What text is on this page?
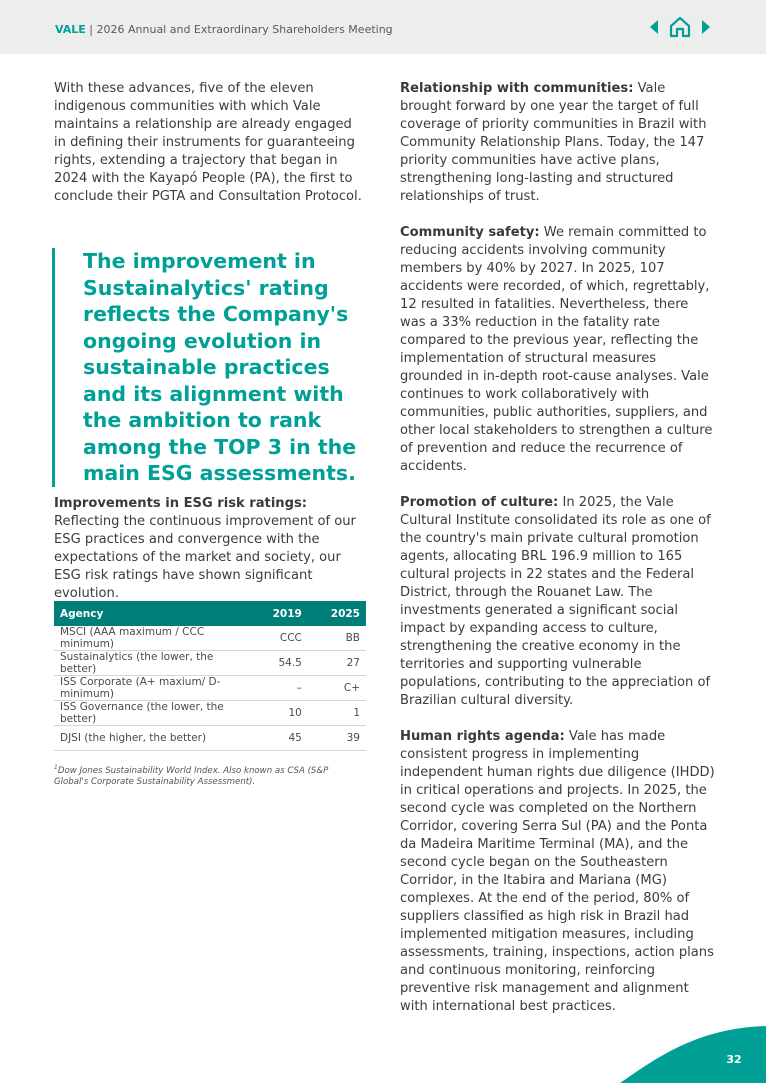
VALE | 2026 Annual and Extraordinary Shareholders Meeting

With these advances, five of the eleven indigenous communities with which Vale maintains a relationship are already engaged in defining their instruments for guaranteeing rights, extending a trajectory that began in 2024 with the Kayapó People (PA), the first to conclude their PGTA and Consultation Protocol.

The improvement in Sustainalytics' rating reflects the Company's ongoing evolution in sustainable practices and its alignment with the ambition to rank among the TOP 3 in the main ESG assessments.

Improvements in ESG risk ratings: Reflecting the continuous improvement of our ESG practices and convergence with the expectations of the market and society, our ESG risk ratings have shown significant evolution.

Agency	2019	2025
MSCI (AAA maximum / CCC minimum)	CCC	BB
Sustainalytics (the lower, the better)	54.5	27
ISS Corporate (A+ maxium/ D- minimum)	–	C+
ISS Governance (the lower, the better)	10	1
DJSI (the higher, the better)	45	39

$^1$Dow Jones Sustainability World Index. Also known as CSA (S&P Global's Corporate Sustainability Assessment).

Relationship with communities: Vale brought forward by one year the target of full coverage of priority communities in Brazil with Community Relationship Plans. Today, the 147 priority communities have active plans, strengthening long-lasting and structured relationships of trust.

Community safety: We remain committed to reducing accidents involving community members by 40% by 2027. In 2025, 107 accidents were recorded, of which, regrettably, 12 resulted in fatalities. Nevertheless, there was a 33% reduction in the fatality rate compared to the previous year, reflecting the implementation of structural measures grounded in in-depth root-cause analyses. Vale continues to work collaboratively with communities, public authorities, suppliers, and other local stakeholders to strengthen a culture of prevention and reduce the recurrence of accidents.

Promotion of culture: In 2025, the Vale Cultural Institute consolidated its role as one of the country's main private cultural promotion agents, allocating BRL 196.9 million to 165 cultural projects in 22 states and the Federal District, through the Rouanet Law. The investments generated a significant social impact by expanding access to culture, strengthening the creative economy in the territories and supporting vulnerable populations, contributing to the appreciation of Brazilian cultural diversity.

Human rights agenda: Vale has made consistent progress in implementing independent human rights due diligence (IHDD) in critical operations and projects. In 2025, the second cycle was completed on the Northern Corridor, covering Serra Sul (PA) and the Ponta da Madeira Maritime Terminal (MA), and the second cycle began on the Southeastern Corridor, in the Itabira and Mariana (MG) complexes. At the end of the period, 80% of suppliers classified as high risk in Brazil had implemented mitigation measures, including assessments, training, inspections, action plans and continuous monitoring, reinforcing preventive risk management and alignment with international best practices.

32
